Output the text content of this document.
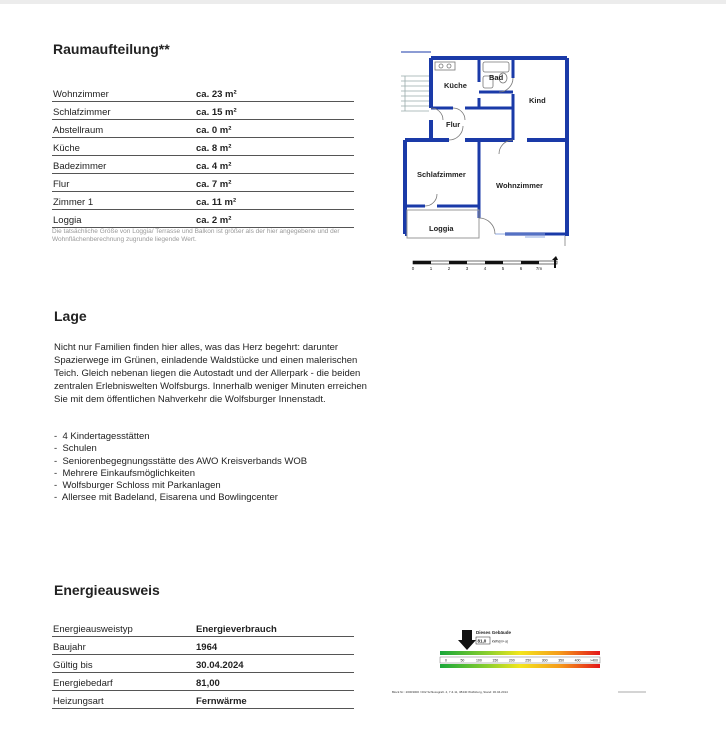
Raumaufteilung**
Wohnzimmer	ca. 23 m²
Schlafzimmer	ca. 15 m²
Abstellraum	ca. 0 m²
Küche	ca. 8 m²
Badezimmer	ca. 4 m²
Flur	ca. 7 m²
Zimmer 1	ca. 11 m²
Loggia	ca. 2 m²
Die tatsächliche Größe von Loggia/ Terrasse und Balkon ist größer als der hier angegebene und der Wohnflächenberechnung zugrunde liegende Wert.
Küche
Bad
Kind
Flur
Schlafzimmer
Wohnzimmer
Loggia
0	1	2	3	4	5	6	7m
Lage

Nicht nur Familien finden hier alles, was das Herz begehrt: darunter Spazierwege im Grünen, einladende Waldstücke und einen malerischen Teich. Gleich nebenan liegen die Autostadt und der Allerpark - die beiden zentralen Erlebniswelten Wolfsburgs. Innerhalb weniger Minuten erreichen Sie mit dem öffentlichen Nahverkehr die Wolfsburger Innenstadt.

- 4 Kindertagesstätten
- Schulen
- Seniorenbegegnungsstätte des AWO Kreisverbands WOB
- Mehrere Einkaufsmöglichkeiten
- Wolfsburger Schloss mit Parkanlagen
- Allersee mit Badeland, Eisarena und Bowlingcenter
Energieausweis
Energieausweistyp	Energieverbrauch
Baujahr	1964
Gültig bis	30.04.2024
Energiebedarf	81,00
Heizungsart	Fernwärme
Dieses Gebäude
81,0 kWh/(m²·a)
0	50	100	150	200	250	300	350	400	>400
Block Nr.: 20003000 / 002 Schlossgraft. 4, 7 & 11, 38440 Wolfsburg, Stand: 30.04.2014
